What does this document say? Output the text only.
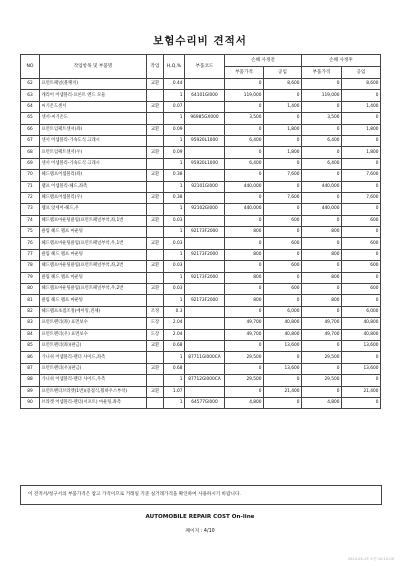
보험수리비 견적서
NO	작업항목 및 부품명	작업	H,Q,%	부품코드	손해 사정전		손해 사정후	
					부품가격	공임	부품가격	공임
62	프런트패널(블랭커)	교환	0.44		0	8,600	0	8,600
63	캐리어 어셈블리-프론트 엔드 모듈		1	64101GI000	119,000	0	119,000	0
64	씨기온도센서	교환	0.07		0	1,400	0	1,400
65	센서-씨기온도		1	96985GX000	3,500	0	3,500	0
66	프런트임팩트센서(좌)	교환	0.09		0	1,800	0	1,800
67	센서 어셈블리-가속도식 크래시		1	95920L1000	6,400	0	6,400	0
68	프런트임팩트센서(우)	교환	0.09		0	1,800	0	1,800
69	센서 어셈블리-가속도식 크래시		1	95920L1000	6,400	0	6,400	0
70	헤드램프어셈블리(좌)	교환	0.38		0	7,600	0	7,600
71	램프 어셈블리-헤드,좌측		1	92101GI000	440,000	0	440,000	0
72	헤드램프어셈블리(우)	교환	0.38		0	7,600	0	7,600
73	램프 앗세이-헤드,우		1	92102GI000	440,000	0	440,000	0
74	헤드램프마운팅클립(프런트패널부착,좌,1번	교환	0.03		0	600	0	600
75	클립 헤드 램프 마운팅		1	92173F2000	800	0	800	0
76	헤드램프마운팅클립(프런트패널부착,우,1번	교환	0.03		0	600	0	600
77	클립 헤드 램프 마운팅		1	92173F2000	800	0	800	0
78	헤드램프마운팅클립(프런트패널부착,좌,2번	교환	0.03		0	600	0	600
79	클립 헤드 램프 마운팅		1	92173F2000	800	0	800	0
80	헤드램프마운팅클립(프런트패널부착,우,2번	교환	0.03		0	600	0	600
81	클립 헤드 램프 마운팅		1	92173F2000	800	0	800	0
82	헤드램프초점조정(에이밍,전체)	조정	0.3		0	6,000	0	6,000
83	프런트펜더(좌) 표면보수	도장	2.04		49,700	40,800	49,700	40,800
84	프런트펜더(우) 표면보수	도장	2.04		49,700	40,800	49,700	40,800
85	프런트펜더(좌)(판금)	교환	0.68		0	13,600	0	13,600
86	가니쉬 어셈블리-펜더 사이드,좌측		1	87711GI000CA	29,500	0	29,500	0
87	프런트펜더(우)(판금)	교환	0.68		0	13,600	0	13,600
88	가니쉬 어셈블리-펜더 사이드,우측		1	87712GI000CA	29,500	0	29,500	0
89	프런트펜더브라켓(1번)(용접식,휠하우스부착)	교환	1.07		0	21,400	0	21,400
90	브라켓 어셈블리-펜더(서포트) 마운팅,좌측		1	64577GI000	4,800	0	4,800	0
이 견적서/청구서의 부품가격은 참고 가격이므로 거래일 기준 실거래가격을 확인하여 사용하시기 바랍니다.
AUTOMOBILE REPAIR COST On-line
페이지 : 4/10
2024-04-15 오전 10:12:00
